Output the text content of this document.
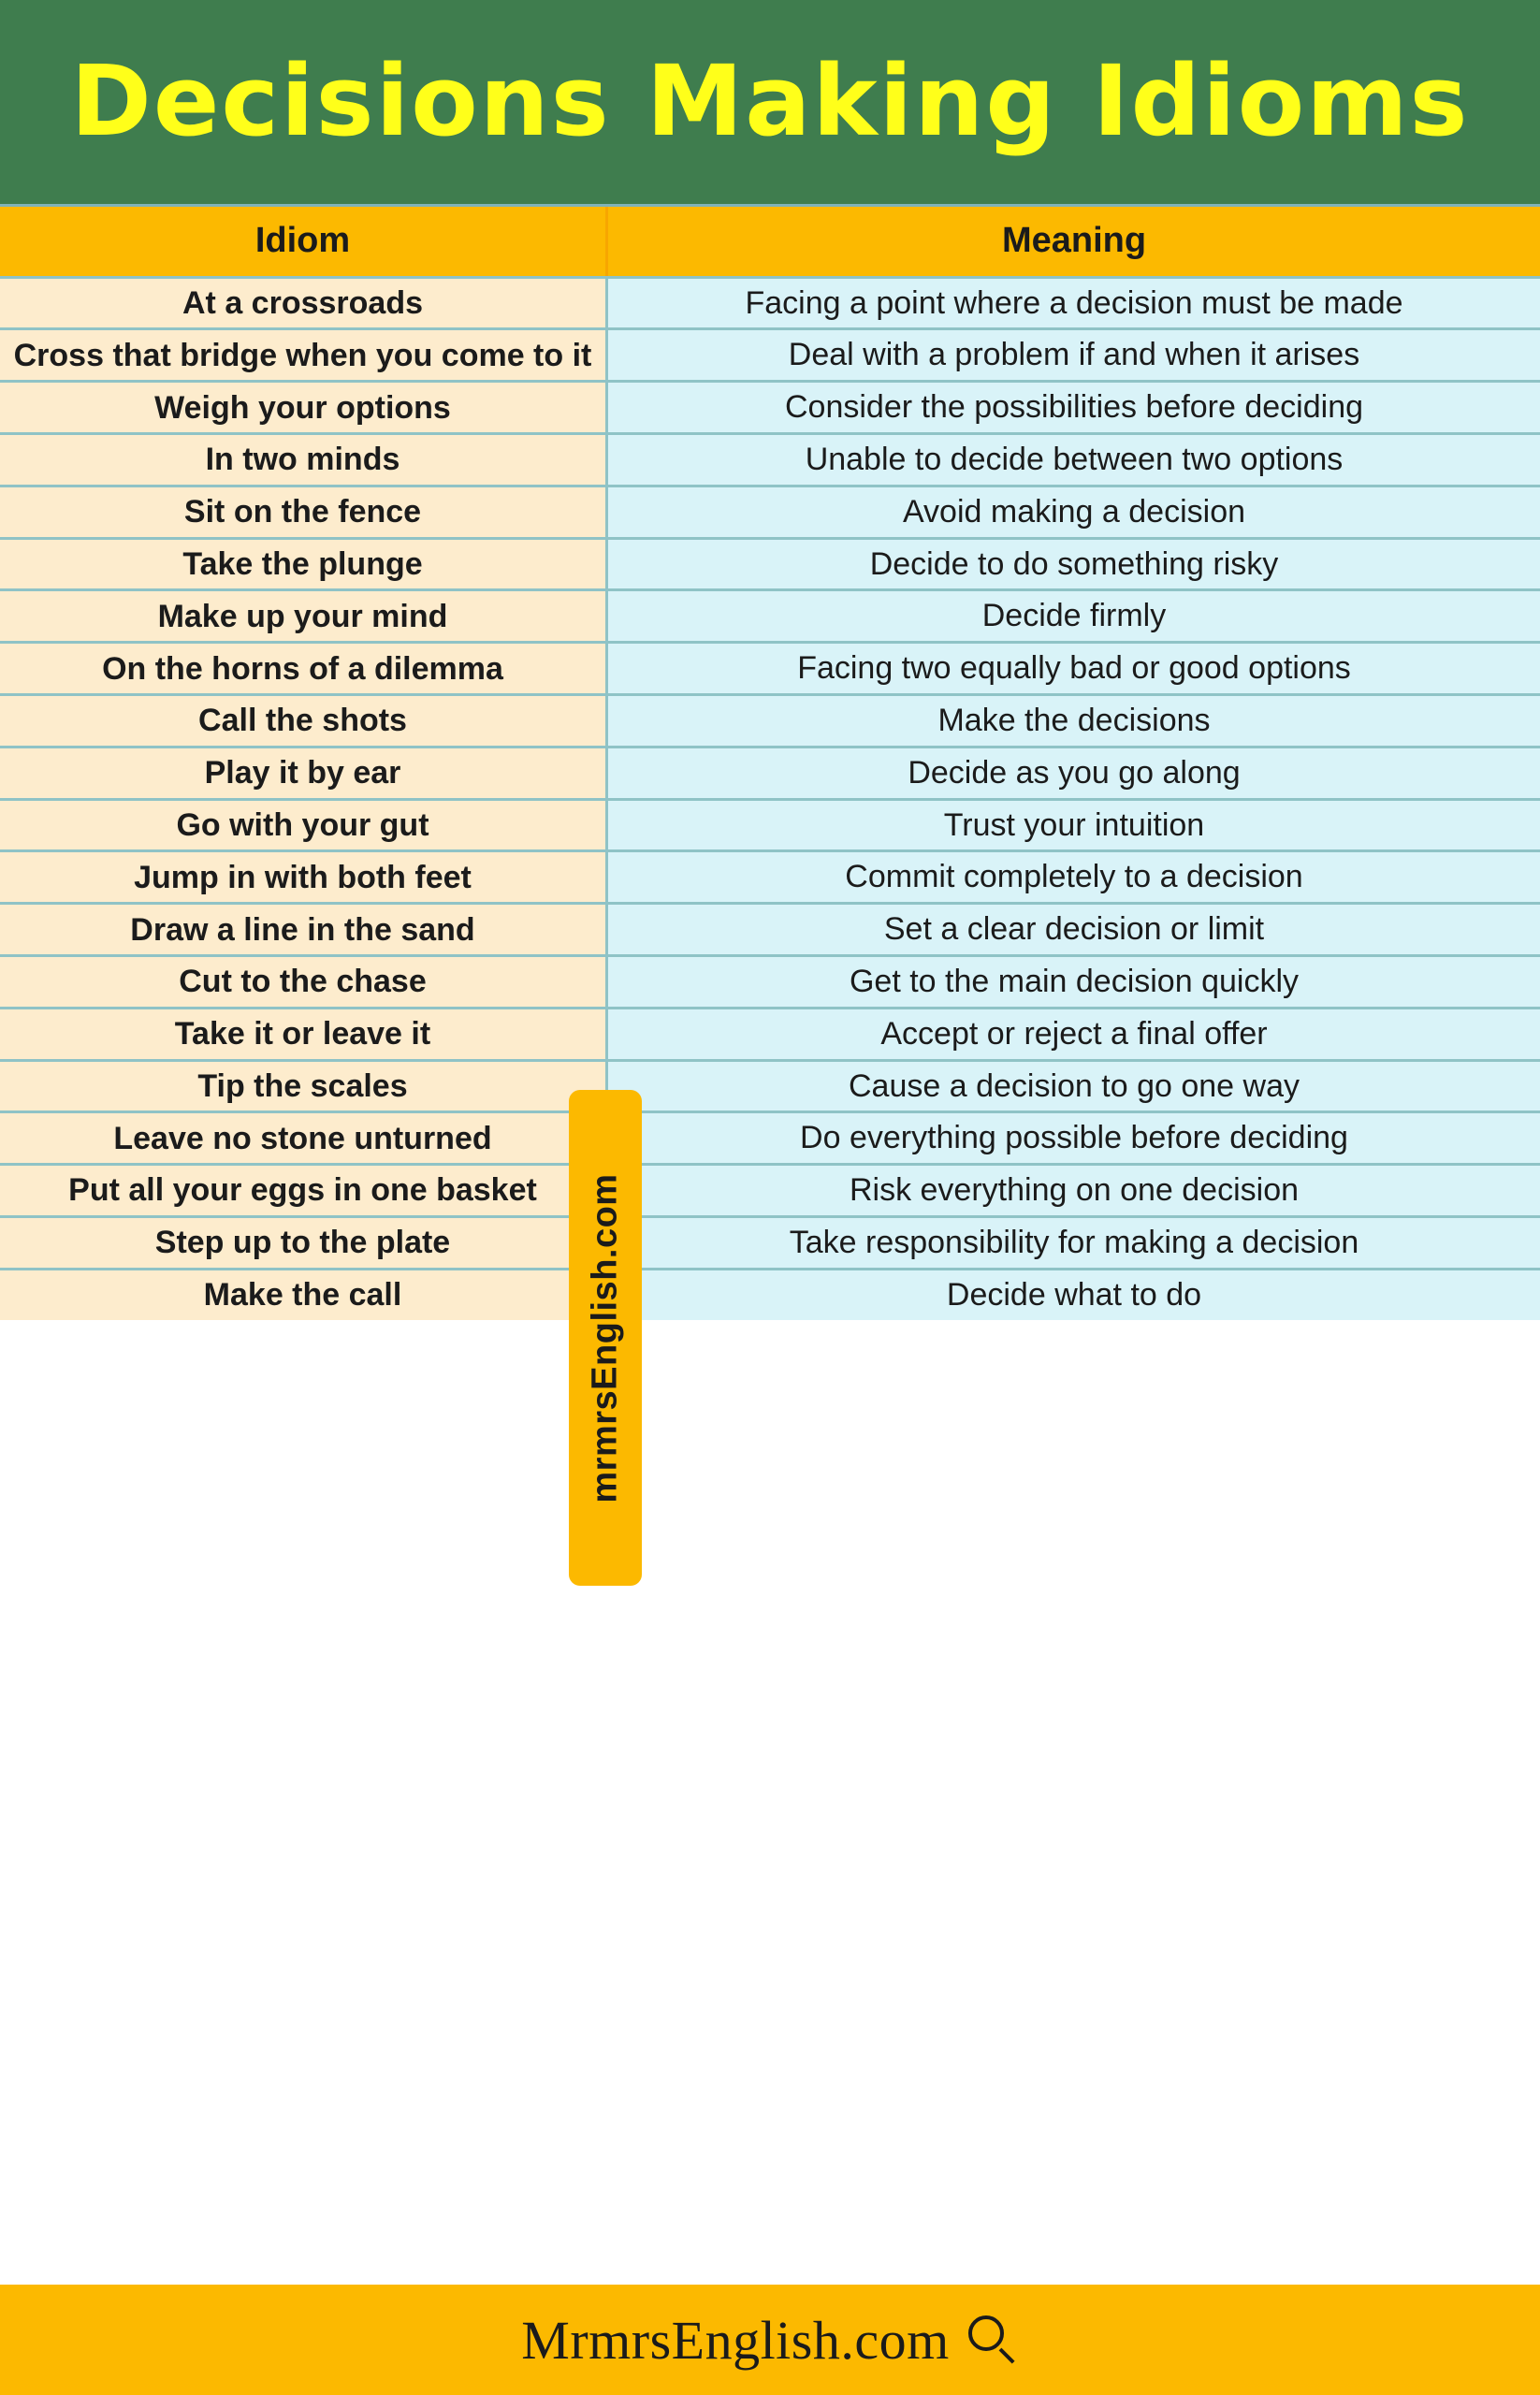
Decisions Making Idioms
Idiom	Meaning
At a crossroads	Facing a point where a decision must be made
Cross that bridge when you come to it	Deal with a problem if and when it arises
Weigh your options	Consider the possibilities before deciding
In two minds	Unable to decide between two options
Sit on the fence	Avoid making a decision
Take the plunge	Decide to do something risky
Make up your mind	Decide firmly
On the horns of a dilemma	Facing two equally bad or good options
Call the shots	Make the decisions
Play it by ear	Decide as you go along
Go with your gut	Trust your intuition
Jump in with both feet	Commit completely to a decision
Draw a line in the sand	Set a clear decision or limit
Cut to the chase	Get to the main decision quickly
Take it or leave it	Accept or reject a final offer
Tip the scales	Cause a decision to go one way
Leave no stone unturned	Do everything possible before deciding
Put all your eggs in one basket	Risk everything on one decision
Step up to the plate	Take responsibility for making a decision
Make the call	Decide what to do
mrmrsEnglish.com
MrmrsEnglish.com
